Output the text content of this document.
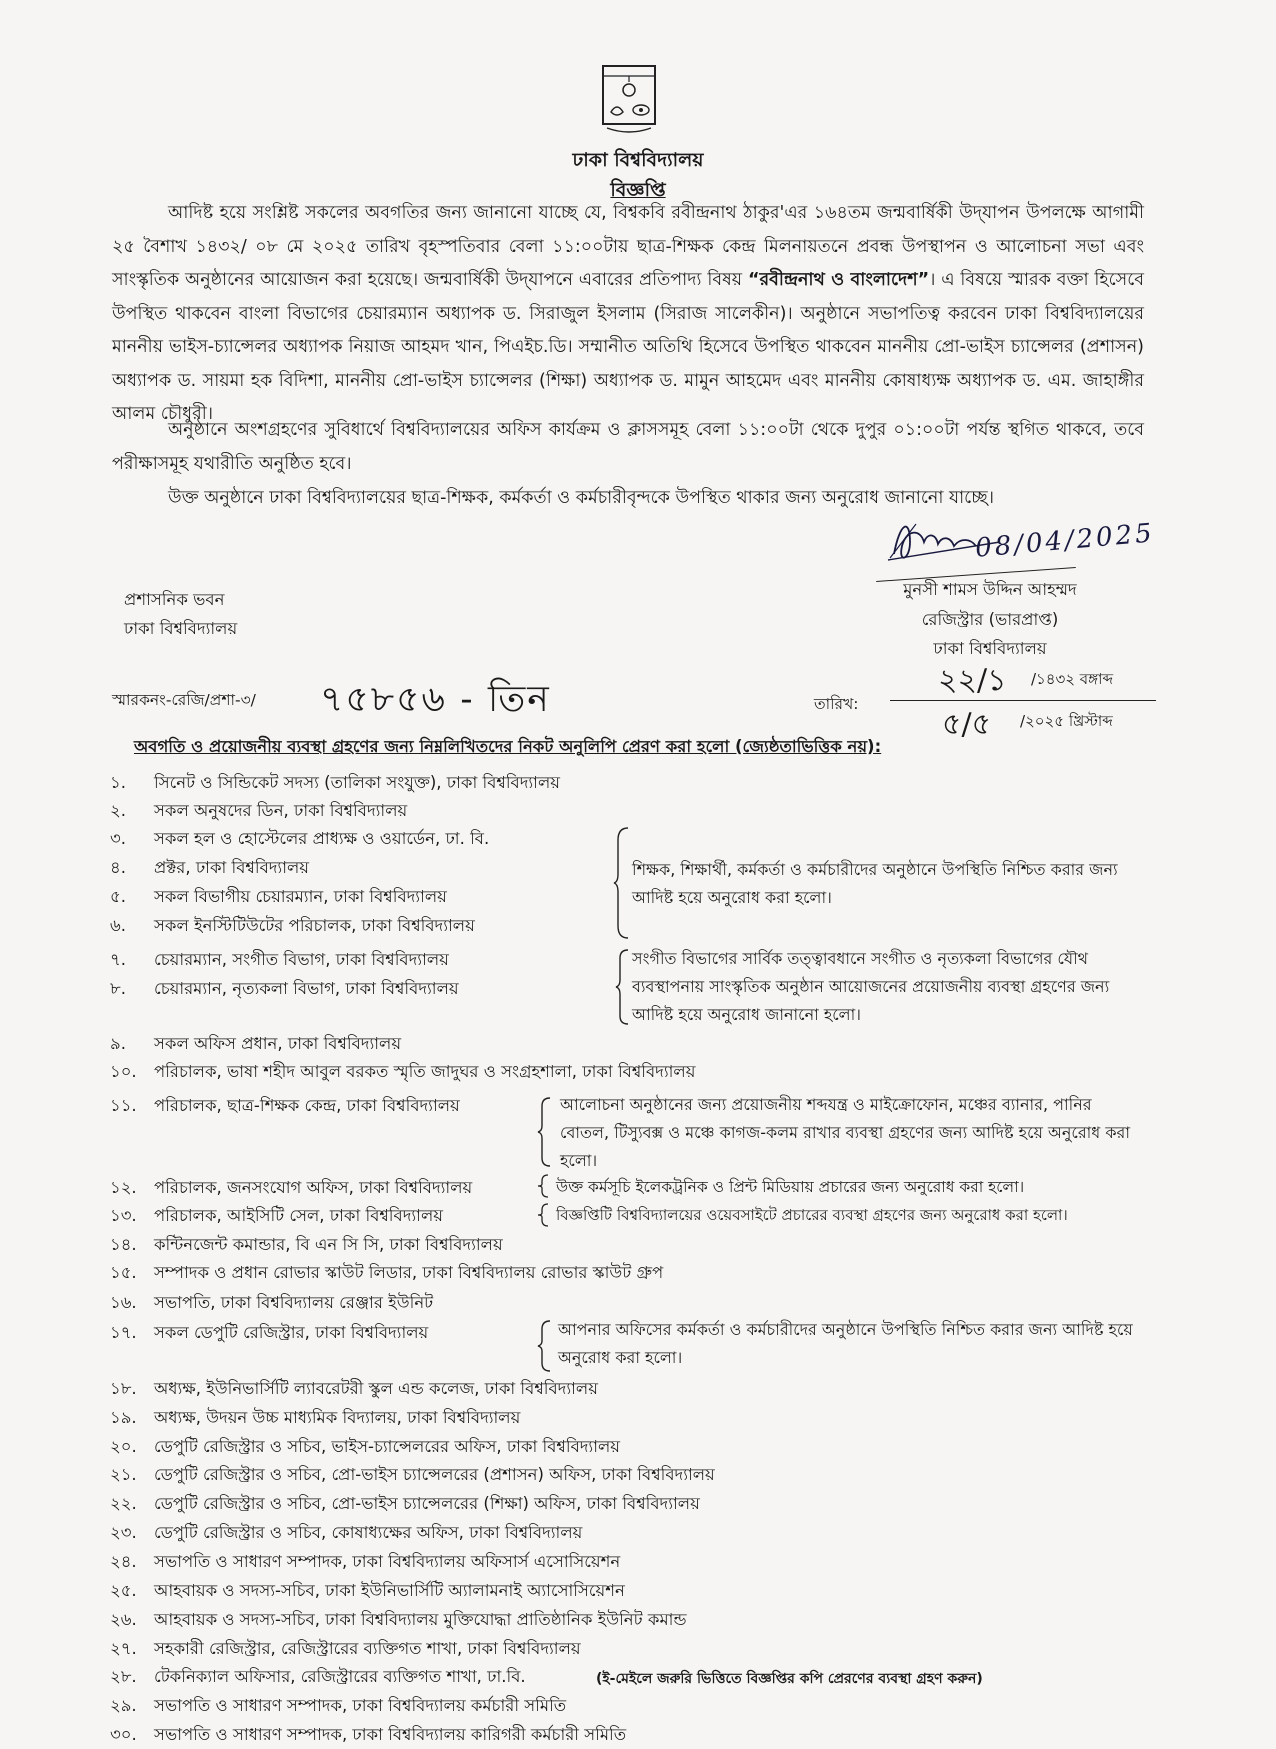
ঢাকা বিশ্ববিদ্যালয়
বিজ্ঞপ্তি
আদিষ্ট হয়ে সংশ্লিষ্ট সকলের অবগতির জন্য জানানো যাচ্ছে যে, বিশ্বকবি রবীন্দ্রনাথ ঠাকুর'এর ১৬৪তম জন্মবার্ষিকী উদ্‌যাপন উপলক্ষে আগামী ২৫ বৈশাখ ১৪৩২/ ০৮ মে ২০২৫ তারিখ বৃহস্পতিবার বেলা ১১:০০টায় ছাত্র-শিক্ষক কেন্দ্র মিলনায়তনে প্রবন্ধ উপস্থাপন ও আলোচনা সভা এবং সাংস্কৃতিক অনুষ্ঠানের আয়োজন করা হয়েছে। জন্মবার্ষিকী উদ্‌যাপনে এবারের প্রতিপাদ্য বিষয় “রবীন্দ্রনাথ ও বাংলাদেশ”। এ বিষয়ে স্মারক বক্তা হিসেবে উপস্থিত থাকবেন বাংলা বিভাগের চেয়ারম্যান অধ্যাপক ড. সিরাজুল ইসলাম (সিরাজ সালেকীন)। অনুষ্ঠানে সভাপতিত্ব করবেন ঢাকা বিশ্ববিদ্যালয়ের মাননীয় ভাইস-চ্যান্সেলর অধ্যাপক নিয়াজ আহমদ খান, পিএইচ.ডি। সম্মানীত অতিথি হিসেবে উপস্থিত থাকবেন মাননীয় প্রো-ভাইস চ্যান্সেলর (প্রশাসন) অধ্যাপক ড. সায়মা হক বিদিশা, মাননীয় প্রো-ভাইস চ্যান্সেলর (শিক্ষা) অধ্যাপক ড. মামুন আহমেদ এবং মাননীয় কোষাধ্যক্ষ অধ্যাপক ড. এম. জাহাঙ্গীর আলম চৌধুরী।
অনুষ্ঠানে অংশগ্রহণের সুবিধার্থে বিশ্ববিদ্যালয়ের অফিস কার্যক্রম ও ক্লাসসমূহ বেলা ১১:০০টা থেকে দুপুর ০১:০০টা পর্যন্ত স্থগিত থাকবে, তবে পরীক্ষাসমূহ যথারীতি অনুষ্ঠিত হবে।
উক্ত অনুষ্ঠানে ঢাকা বিশ্ববিদ্যালয়ের ছাত্র-শিক্ষক, কর্মকর্তা ও কর্মচারীবৃন্দকে উপস্থিত থাকার জন্য অনুরোধ জানানো যাচ্ছে।
08/04/2025
প্রশাসনিক ভবন
ঢাকা বিশ্ববিদ্যালয়
মুনসী শামস উদ্দিন আহম্মদ
রেজিস্ট্রার (ভারপ্রাপ্ত)
ঢাকা বিশ্ববিদ্যালয়
স্মারকনং-রেজি/প্রশা-৩/ ৭৫৮৫৬ - তিন	তারিখ:
২২/১ /১৪৩২ বঙ্গাব্দ
৫/৫ /২০২৫ খ্রিস্টাব্দ
অবগতি ও প্রয়োজনীয় ব্যবস্থা গ্রহণের জন্য নিম্নলিখিতদের নিকট অনুলিপি প্রেরণ করা হলো (জ্যেষ্ঠতাভিত্তিক নয়):
১. সিনেট ও সিন্ডিকেট সদস্য (তালিকা সংযুক্ত), ঢাকা বিশ্ববিদ্যালয়
২. সকল অনুষদের ডিন, ঢাকা বিশ্ববিদ্যালয়
৩. সকল হল ও হোস্টেলের প্রাধ্যক্ষ ও ওয়ার্ডেন, ঢা. বি.
৪. প্রক্টর, ঢাকা বিশ্ববিদ্যালয়
৫. সকল বিভাগীয় চেয়ারম্যান, ঢাকা বিশ্ববিদ্যালয়
৬. সকল ইনস্টিটিউটের পরিচালক, ঢাকা বিশ্ববিদ্যালয়
৭. চেয়ারম্যান, সংগীত বিভাগ, ঢাকা বিশ্ববিদ্যালয়
৮. চেয়ারম্যান, নৃত্যকলা বিভাগ, ঢাকা বিশ্ববিদ্যালয়
৯. সকল অফিস প্রধান, ঢাকা বিশ্ববিদ্যালয়
১০. পরিচালক, ভাষা শহীদ আবুল বরকত স্মৃতি জাদুঘর ও সংগ্রহশালা, ঢাকা বিশ্ববিদ্যালয়
১১. পরিচালক, ছাত্র-শিক্ষক কেন্দ্র, ঢাকা বিশ্ববিদ্যালয়
১২. পরিচালক, জনসংযোগ অফিস, ঢাকা বিশ্ববিদ্যালয়
১৩. পরিচালক, আইসিটি সেল, ঢাকা বিশ্ববিদ্যালয়
১৪. কন্টিনজেন্ট কমান্ডার, বি এন সি সি, ঢাকা বিশ্ববিদ্যালয়
১৫. সম্পাদক ও প্রধান রোভার স্কাউট লিডার, ঢাকা বিশ্ববিদ্যালয় রোভার স্কাউট গ্রুপ
১৬. সভাপতি, ঢাকা বিশ্ববিদ্যালয় রেঞ্জার ইউনিট
১৭. সকল ডেপুটি রেজিস্ট্রার, ঢাকা বিশ্ববিদ্যালয়
১৮. অধ্যক্ষ, ইউনিভার্সিটি ল্যাবরেটরী স্কুল এন্ড কলেজ, ঢাকা বিশ্ববিদ্যালয়
১৯. অধ্যক্ষ, উদয়ন উচ্চ মাধ্যমিক বিদ্যালয়, ঢাকা বিশ্ববিদ্যালয়
২০. ডেপুটি রেজিস্ট্রার ও সচিব, ভাইস-চ্যান্সেলরের অফিস, ঢাকা বিশ্ববিদ্যালয়
২১. ডেপুটি রেজিস্ট্রার ও সচিব, প্রো-ভাইস চ্যান্সেলরের (প্রশাসন) অফিস, ঢাকা বিশ্ববিদ্যালয়
২২. ডেপুটি রেজিস্ট্রার ও সচিব, প্রো-ভাইস চ্যান্সেলরের (শিক্ষা) অফিস, ঢাকা বিশ্ববিদ্যালয়
২৩. ডেপুটি রেজিস্ট্রার ও সচিব, কোষাধ্যক্ষের অফিস, ঢাকা বিশ্ববিদ্যালয়
২৪. সভাপতি ও সাধারণ সম্পাদক, ঢাকা বিশ্ববিদ্যালয় অফিসার্স এসোসিয়েশন
২৫. আহবায়ক ও সদস্য-সচিব, ঢাকা ইউনিভার্সিটি অ্যালামনাই অ্যাসোসিয়েশন
২৬. আহবায়ক ও সদস্য-সচিব, ঢাকা বিশ্ববিদ্যালয় মুক্তিযোদ্ধা প্রাতিষ্ঠানিক ইউনিট কমান্ড
২৭. সহকারী রেজিস্ট্রার, রেজিস্ট্রারের ব্যক্তিগত শাখা, ঢাকা বিশ্ববিদ্যালয়
২৮. টেকনিক্যাল অফিসার, রেজিস্ট্রারের ব্যক্তিগত শাখা, ঢা.বি.
২৯. সভাপতি ও সাধারণ সম্পাদক, ঢাকা বিশ্ববিদ্যালয় কর্মচারী সমিতি
৩০. সভাপতি ও সাধারণ সম্পাদক, ঢাকা বিশ্ববিদ্যালয় কারিগরী কর্মচারী সমিতি
শিক্ষক, শিক্ষার্থী, কর্মকর্তা ও কর্মচারীদের অনুষ্ঠানে উপস্থিতি নিশ্চিত করার জন্য আদিষ্ট হয়ে অনুরোধ করা হলো।
সংগীত বিভাগের সার্বিক তত্ত্বাবধানে সংগীত ও নৃত্যকলা বিভাগের যৌথ ব্যবস্থাপনায় সাংস্কৃতিক অনুষ্ঠান আয়োজনের প্রয়োজনীয় ব্যবস্থা গ্রহণের জন্য আদিষ্ট হয়ে অনুরোধ জানানো হলো।
আলোচনা অনুষ্ঠানের জন্য প্রয়োজনীয় শব্দযন্ত্র ও মাইক্রোফোন, মঞ্চের ব্যানার, পানির বোতল, টিস্যুবক্স ও মঞ্চে কাগজ-কলম রাখার ব্যবস্থা গ্রহণের জন্য আদিষ্ট হয়ে অনুরোধ করা হলো।
উক্ত কর্মসূচি ইলেকট্রনিক ও প্রিন্ট মিডিয়ায় প্রচারের জন্য অনুরোধ করা হলো।
বিজ্ঞপ্তিটি বিশ্ববিদ্যালয়ের ওয়েবসাইটে প্রচারের ব্যবস্থা গ্রহণের জন্য অনুরোধ করা হলো।
আপনার অফিসের কর্মকর্তা ও কর্মচারীদের অনুষ্ঠানে উপস্থিতি নিশ্চিত করার জন্য আদিষ্ট হয়ে অনুরোধ করা হলো।
(ই-মেইলে জরুরি ভিত্তিতে বিজ্ঞপ্তির কপি প্রেরণের ব্যবস্থা গ্রহণ করুন)
